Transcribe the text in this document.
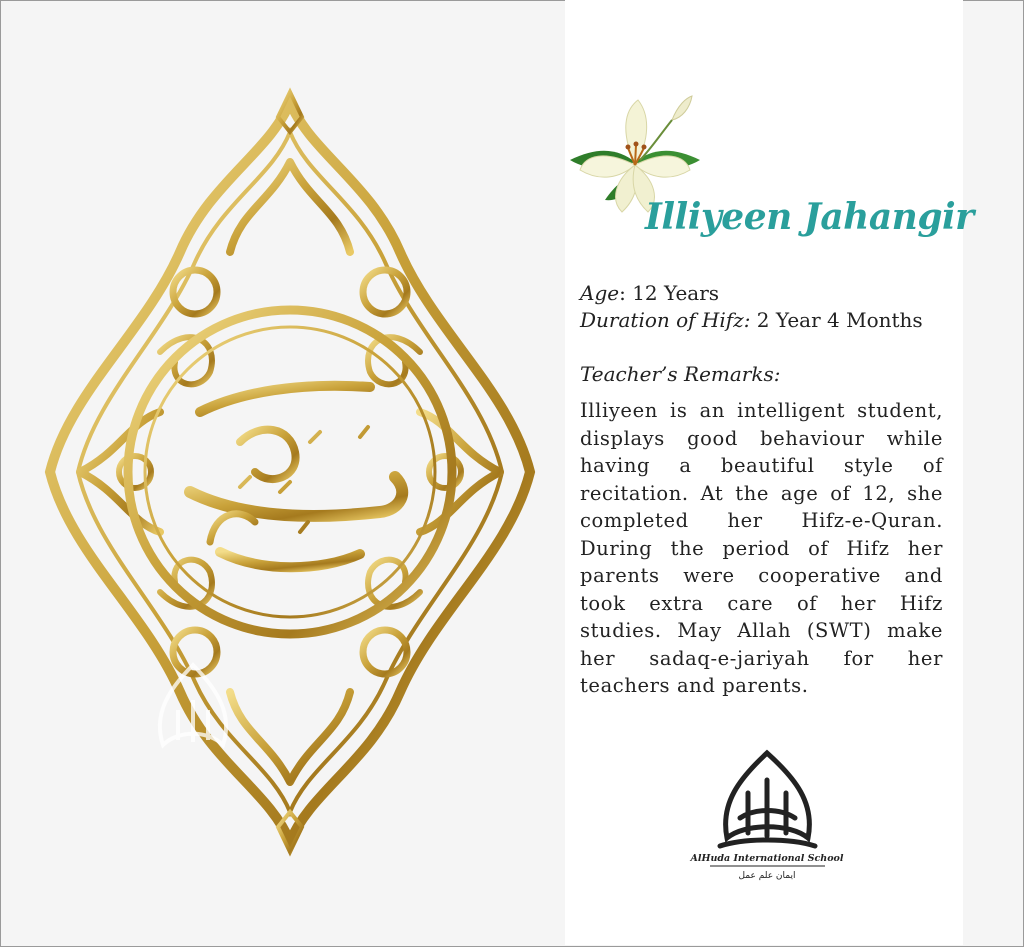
Illiyeen Jahangir
Age: 12 Years
Duration of Hifz: 2 Year 4 Months
Teacher’s Remarks:
Illiyeen is an intelligent student, displays good behaviour while having a beautiful style of recitation. At the age of 12, she completed her Hifz-e-Quran. During the period of Hifz her parents were cooperative and took extra care of her Hifz studies. May Allah (SWT) make her sadaq-e-jariyah for her teachers and parents.
AlHuda International School
ایمان علم عمل
